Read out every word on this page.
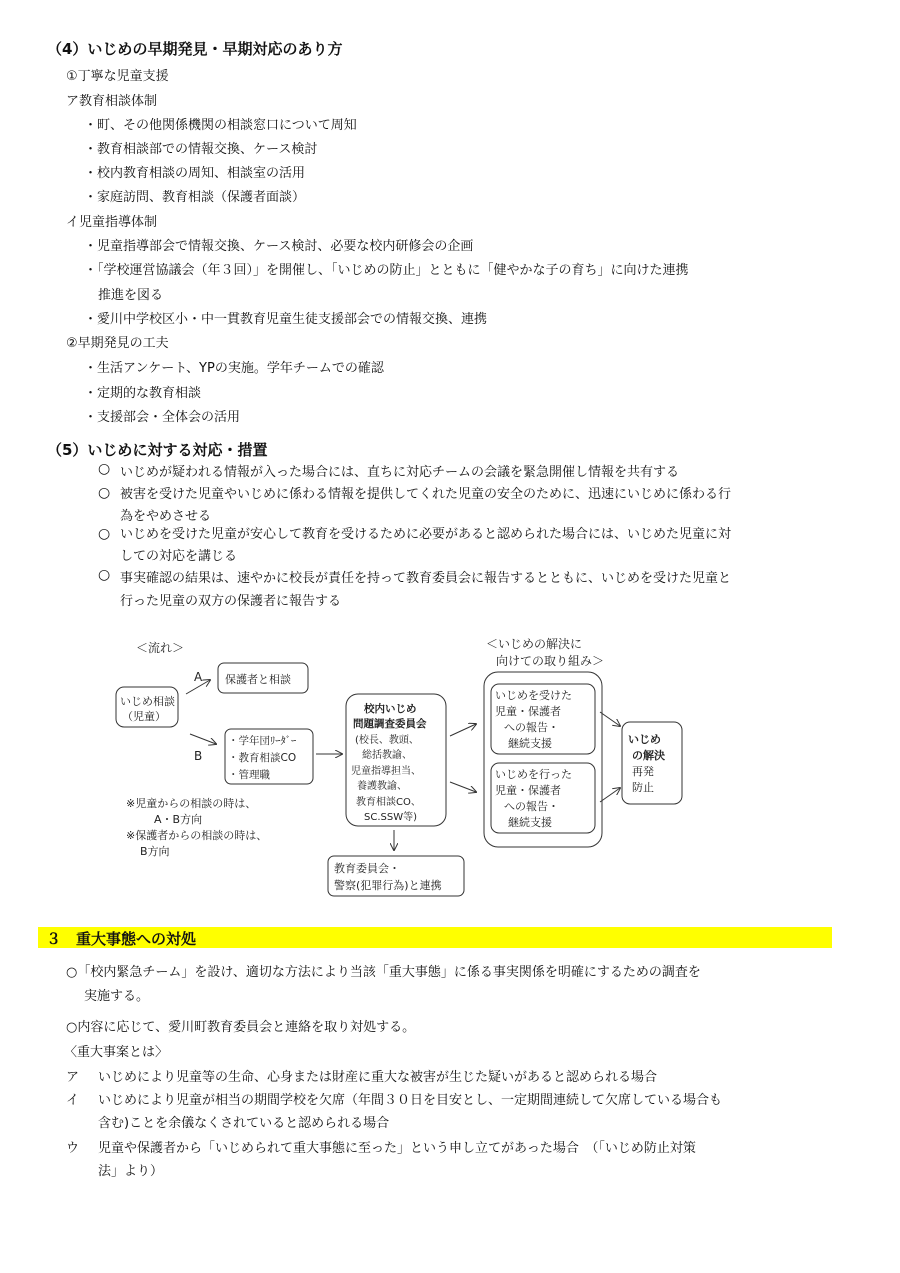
（4）いじめの早期発見・早期対応のあり方
①丁寧な児童支援
ア教育相談体制
・町、その他関係機関の相談窓口について周知
・教育相談部での情報交換、ケース検討
・校内教育相談の周知、相談室の活用
・家庭訪問、教育相談（保護者面談）
イ児童指導体制
・児童指導部会で情報交換、ケース検討、必要な校内研修会の企画
・「学校運営協議会（年３回）」を開催し、「いじめの防止」とともに「健やかな子の育ち」に向けた連携
推進を図る
・愛川中学校区小・中一貫教育児童生徒支援部会での情報交換、連携
②早期発見の工夫
・生活アンケート、YPの実施。学年チームでの確認
・定期的な教育相談
・支援部会・全体会の活用
（5）いじめに対する対応・措置
○ いじめが疑われる情報が入った場合には、直ちに対応チームの会議を緊急開催し情報を共有する
○ 被害を受けた児童やいじめに係わる情報を提供してくれた児童の安全のために、迅速にいじめに係わる行
為をやめさせる
○ いじめを受けた児童が安心して教育を受けるために必要があると認められた場合には、いじめた児童に対
しての対応を講じる
○ 事実確認の結果は、速やかに校長が責任を持って教育委員会に報告するとともに、いじめを受けた児童と
行った児童の双方の保護者に報告する
＜流れ＞	＜いじめの解決に
向けての取り組み＞
いじめ相談
（児童）
A
B
保護者と相談
・学年団ﾘｰﾀﾞｰ
・教育相談CO
・管理職
校内いじめ
問題調査委員会
(校長、教頭、
総括教諭、
児童指導担当、
養護教諭、
教育相談CO、
SC.SSW等)
いじめを受けた
児童・保護者
への報告・
継続支援
いじめを行った
児童・保護者
への報告・
継続支援
いじめ
の解決
再発
防止
教育委員会・
警察(犯罪行為)と連携
※児童からの相談の時は、
A・B方向
※保護者からの相談の時は、
B方向
３　重大事態への対処
○「校内緊急チーム」を設け、適切な方法により当該「重大事態」に係る事実関係を明確にするための調査を
実施する。
○内容に応じて、愛川町教育委員会と連絡を取り対処する。
〈重大事案とは〉
ア いじめにより児童等の生命、心身または財産に重大な被害が生じた疑いがあると認められる場合
イ いじめにより児童が相当の期間学校を欠席（年間３０日を目安とし、一定期間連続して欠席している場合も
含む)ことを余儀なくされていると認められる場合
ウ 児童や保護者から「いじめられて重大事態に至った」という申し立てがあった場合　（「いじめ防止対策
法」より）
